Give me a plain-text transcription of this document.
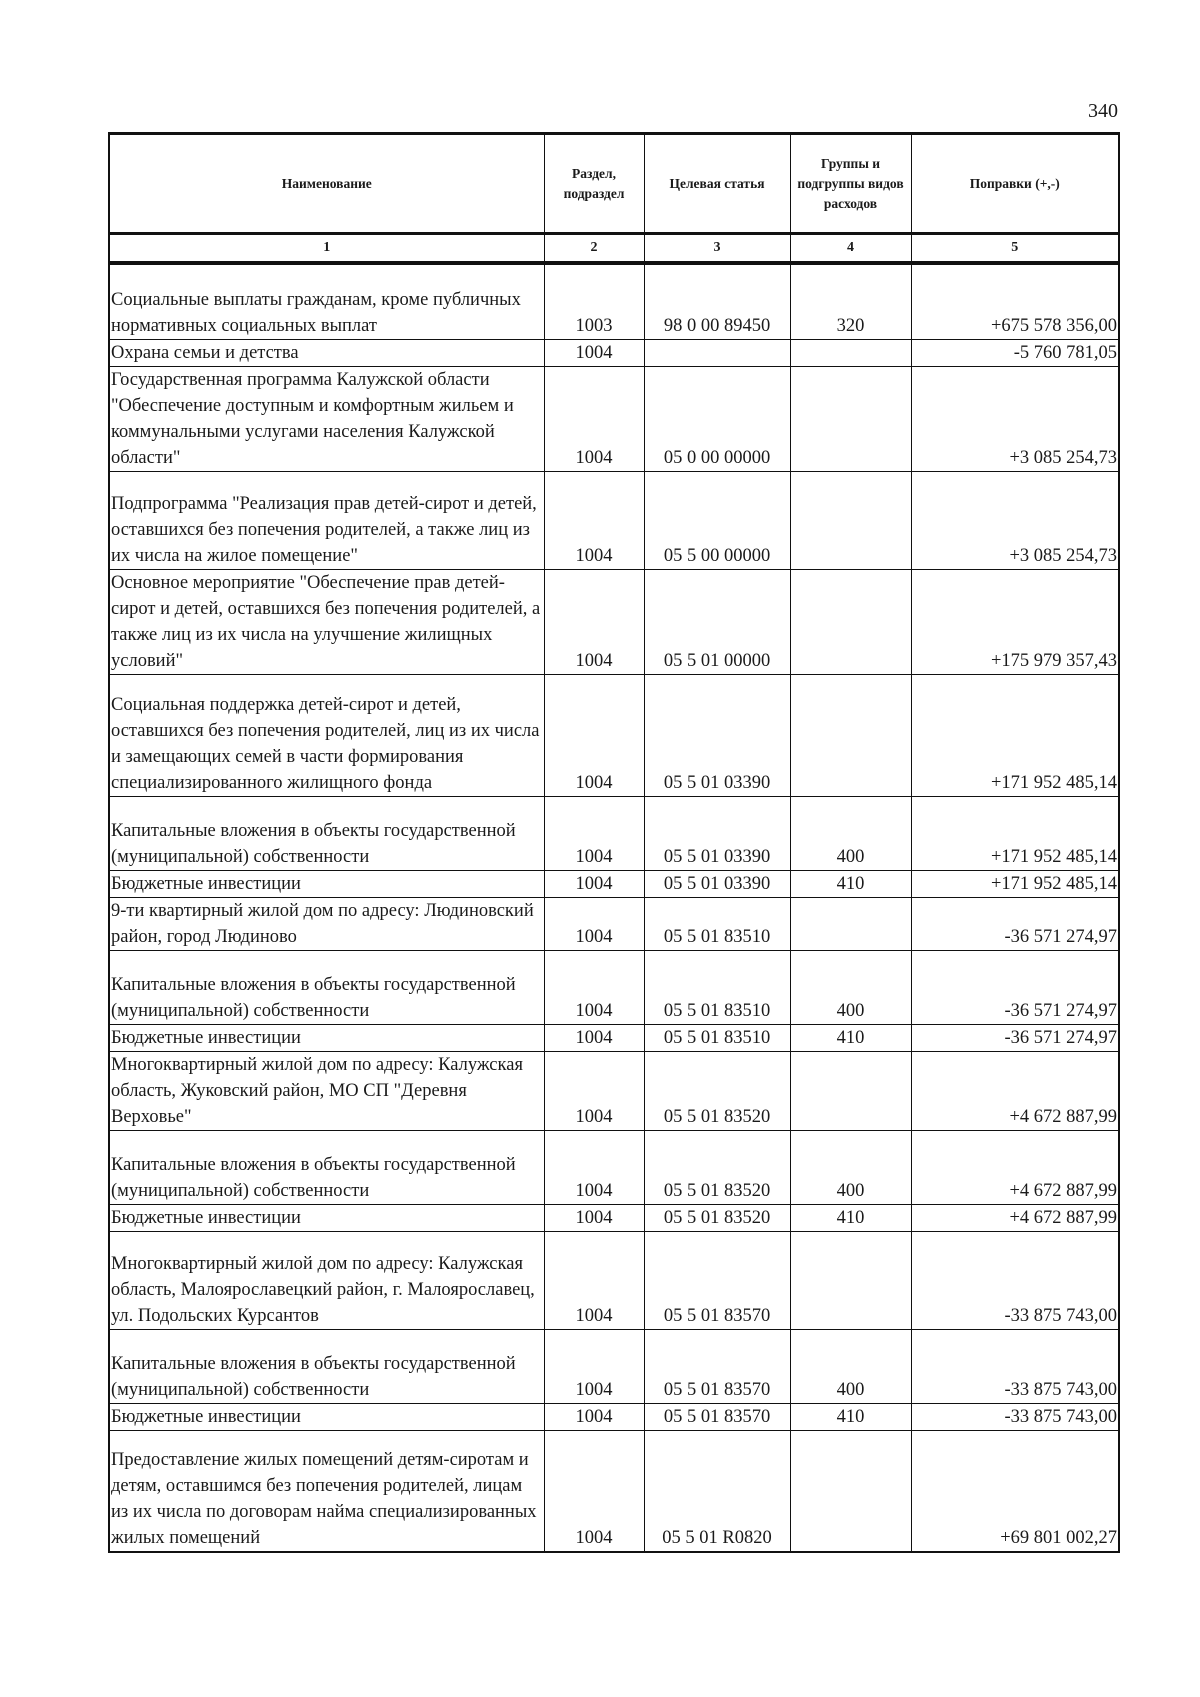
340
Наименование	Раздел, подраздел	Целевая статья	Группы и подгруппы видов расходов	Поправки (+,-)
1	2	3	4	5
Социальные выплаты гражданам, кроме публичных нормативных социальных выплат	1003	98 0 00 89450	320	+675 578 356,00
Охрана семьи и детства	1004			-5 760 781,05
Государственная программа Калужской области "Обеспечение доступным и комфортным жильем и коммунальными услугами населения Калужской области"	1004	05 0 00 00000		+3 085 254,73
Подпрограмма "Реализация прав детей-сирот и детей, оставшихся без попечения родителей, а также лиц из их числа на жилое помещение"	1004	05 5 00 00000		+3 085 254,73
Основное мероприятие "Обеспечение прав детей-сирот и детей, оставшихся без попечения родителей, а также лиц из их числа на улучшение жилищных условий"	1004	05 5 01 00000		+175 979 357,43
Социальная поддержка детей-сирот и детей, оставшихся без попечения родителей, лиц из их числа и замещающих семей в части формирования специализированного жилищного фонда	1004	05 5 01 03390		+171 952 485,14
Капитальные вложения в объекты государственной (муниципальной) собственности	1004	05 5 01 03390	400	+171 952 485,14
Бюджетные инвестиции	1004	05 5 01 03390	410	+171 952 485,14
9-ти квартирный жилой дом по адресу: Людиновский район, город Людиново	1004	05 5 01 83510		-36 571 274,97
Капитальные вложения в объекты государственной (муниципальной) собственности	1004	05 5 01 83510	400	-36 571 274,97
Бюджетные инвестиции	1004	05 5 01 83510	410	-36 571 274,97
Многоквартирный жилой дом по адресу: Калужская область, Жуковский район, МО СП "Деревня Верховье"	1004	05 5 01 83520		+4 672 887,99
Капитальные вложения в объекты государственной (муниципальной) собственности	1004	05 5 01 83520	400	+4 672 887,99
Бюджетные инвестиции	1004	05 5 01 83520	410	+4 672 887,99
Многоквартирный жилой дом по адресу: Калужская область, Малоярославецкий район, г. Малоярославец, ул. Подольских Курсантов	1004	05 5 01 83570		-33 875 743,00
Капитальные вложения в объекты государственной (муниципальной) собственности	1004	05 5 01 83570	400	-33 875 743,00
Бюджетные инвестиции	1004	05 5 01 83570	410	-33 875 743,00
Предоставление жилых помещений детям-сиротам и детям, оставшимся без попечения родителей, лицам из их числа по договорам найма специализированных жилых помещений	1004	05 5 01 R0820		+69 801 002,27
